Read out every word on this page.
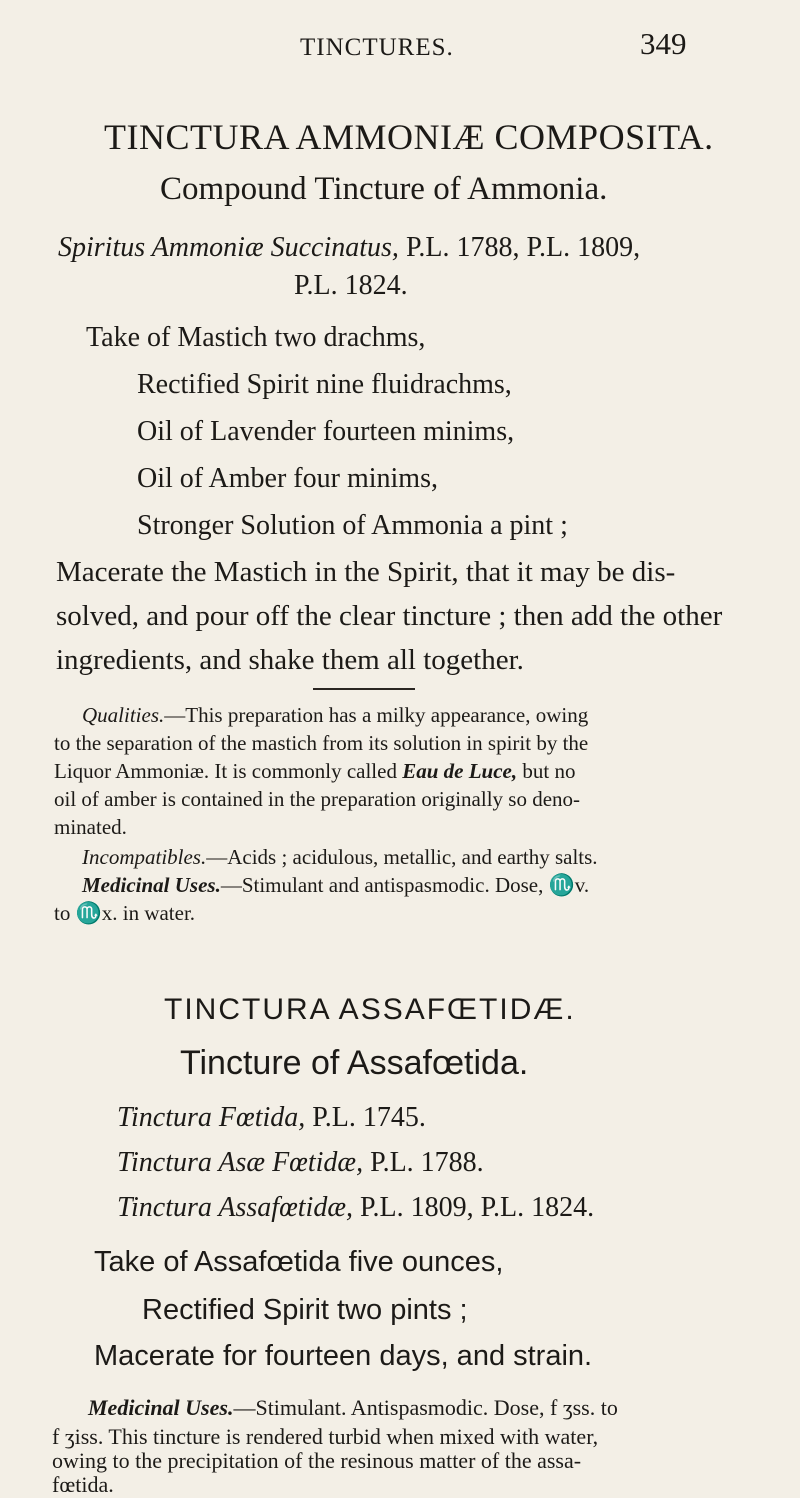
TINCTURES.	349
TINCTURA AMMONIÆ COMPOSITA.
Compound Tincture of Ammonia.
Spiritus Ammoniæ Succinatus, P.L. 1788, P.L. 1809,
P.L. 1824.
Take of Mastich two drachms,
Rectified Spirit nine fluidrachms,
Oil of Lavender fourteen minims,
Oil of Amber four minims,
Stronger Solution of Ammonia a pint ;
Macerate the Mastich in the Spirit, that it may be dis-
solved, and pour off the clear tincture ; then add the other
ingredients, and shake them all together.
Qualities.—This preparation has a milky appearance, owing
to the separation of the mastich from its solution in spirit by the
Liquor Ammoniæ. It is commonly called Eau de Luce, but no
oil of amber is contained in the preparation originally so deno-
minated.
Incompatibles.—Acids ; acidulous, metallic, and earthy salts.
Medicinal Uses.—Stimulant and antispasmodic. Dose, ♏v.
to ♏x. in water.
TINCTURA ASSAFŒTIDÆ.
Tincture of Assafœtida.
Tinctura Fœtida, P.L. 1745.
Tinctura Asæ Fœtidæ, P.L. 1788.
Tinctura Assafœtidæ, P.L. 1809, P.L. 1824.
Take of Assafœtida five ounces,
Rectified Spirit two pints ;
Macerate for fourteen days, and strain.
Medicinal Uses.—Stimulant. Antispasmodic. Dose, f ʒss. to
f ʒiss. This tincture is rendered turbid when mixed with water,
owing to the precipitation of the resinous matter of the assa-
fœtida.
